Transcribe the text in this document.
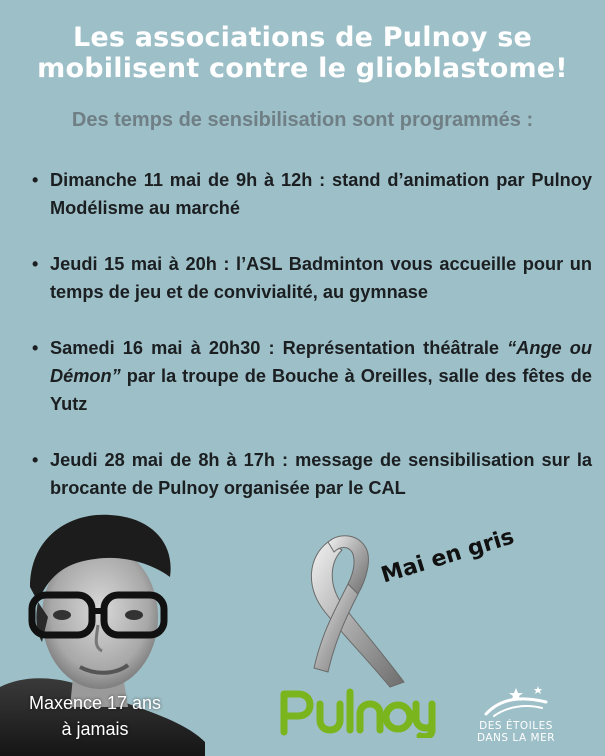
Les associations de Pulnoy se
mobilisent contre le glioblastome!
Des temps de sensibilisation sont programmés :
• Dimanche 11 mai de 9h à 12h : stand d’animation par Pulnoy Modélisme au marché
• Jeudi 15 mai à 20h : l’ASL Badminton vous accueille pour un temps de jeu et de convivialité, au gymnase
• Samedi 16 mai à 20h30 : Représentation théâtrale “Ange ou Démon” par la troupe de Bouche à Oreilles, salle des fêtes de Yutz
• Jeudi 28 mai de 8h à 17h : message de sensibilisation sur la brocante de Pulnoy organisée par le CAL
Maxence 17 ans
à jamais
Mai en gris
DES ÉTOILES
DANS LA MER
